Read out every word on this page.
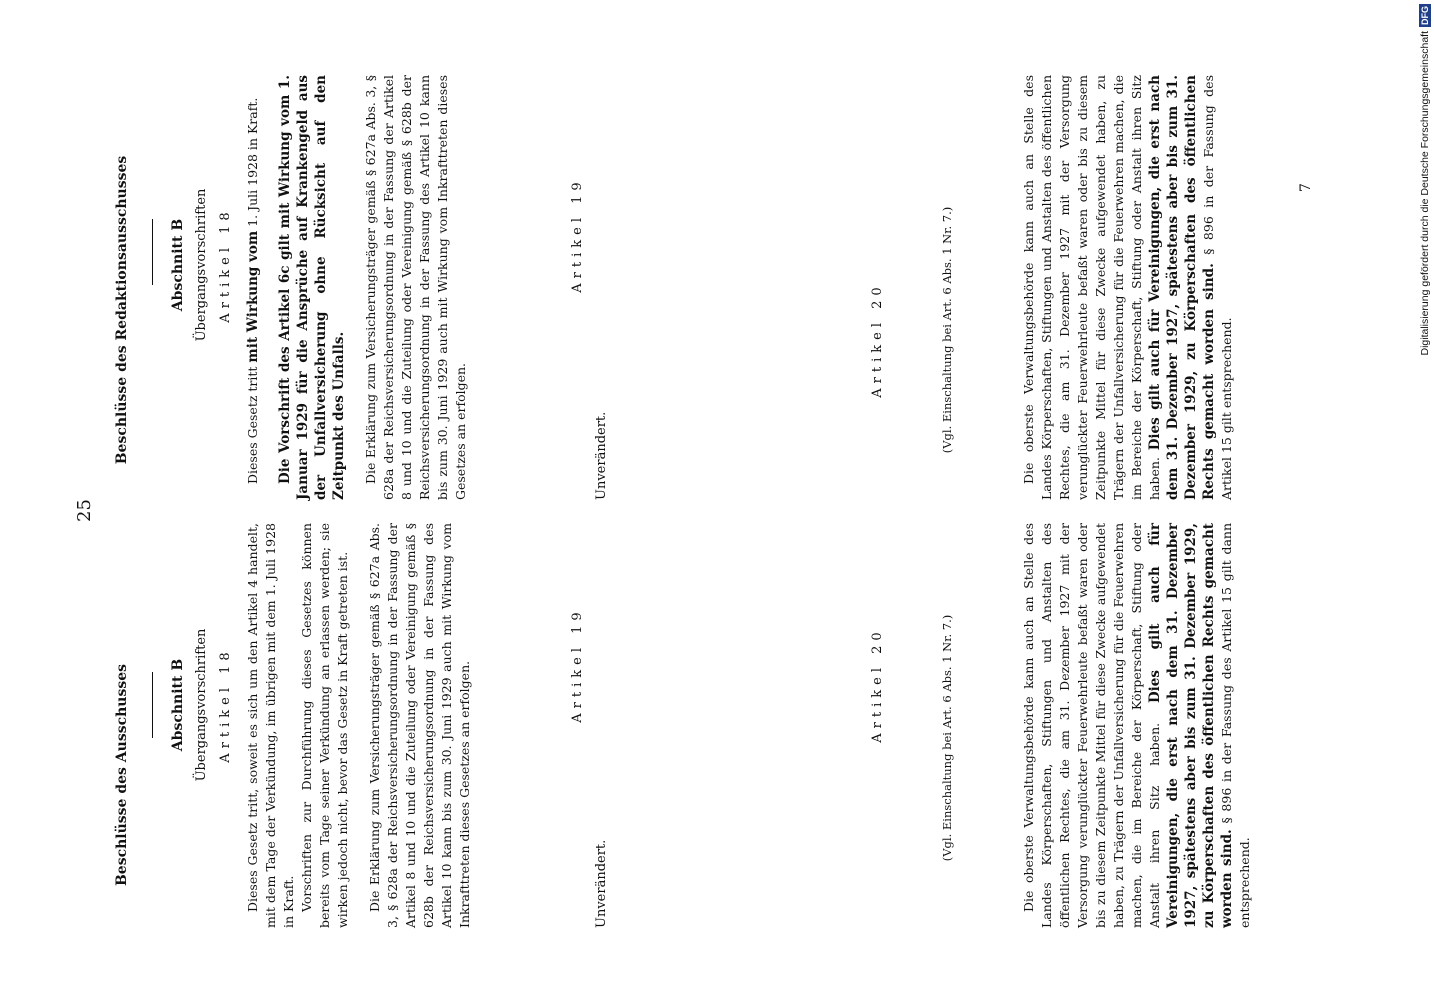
25
Beschlüsse des Ausschusses	Abschnitt B Übergangsvorschriften Artikel 18 Dieses Gesetz tritt, soweit es sich um den Artikel 4 handelt, mit dem Tage der Verkündung, im übrigen mit dem 1. Juli 1928 in Kraft. Vorschriften zur Durchführung dieses Gesetzes können bereits vom Tage seiner Verkündung an erlassen werden; sie wirken jedoch nicht, bevor das Gesetz in Kraft getreten ist. Die Erklärung zum Versicherungsträger gemäß § 627a Abs. 3, § 628a der Reichsversicherungsordnung in der Fassung der Artikel 8 und 10 und die Zuteilung oder Vereinigung gemäß § 628b der Reichsversicherungsordnung in der Fassung des Artikel 10 kann bis zum 30. Juni 1929 auch mit Wirkung vom Inkrafttreten dieses Gesetzes an erfolgen.	Artikel 19
Unverändert.
Artikel 20	(Vgl. Einschaltung bei Art. 6 Abs. 1 Nr. 7.)	Die oberste Verwaltungsbehörde kann auch an Stelle des Landes Körperschaften, Stiftungen und Anstalten des öffentlichen Rechtes, die am 31. Dezember 1927 mit der Versorgung verunglückter Feuerwehrleute befaßt waren oder bis zu diesem Zeitpunkte Mittel für diese Zwecke aufgewendet haben, zu Trägern der Unfallversicherung für die Feuerwehren machen, die im Bereiche der Körperschaft, Stiftung oder Anstalt ihren Sitz haben. Dies gilt auch für Vereinigungen, die erst nach dem 31. Dezember 1927, spätestens aber bis zum 31. Dezember 1929, zu Körperschaften des öffentlichen Rechts gemacht worden sind. § 896 in der Fassung des Artikel 15 gilt dann entsprechend.

Beschlüsse des Redaktionsausschusses	Abschnitt B Übergangsvorschriften Artikel 18

Dieses Gesetz tritt mit Wirkung vom 1. Juli 1928 in Kraft. Die Vorschrift des Artikel 6c gilt mit Wirkung vom 1. Januar 1929 für die Ansprüche auf Krankengeld aus der Unfallversicherung ohne Rücksicht auf den Zeitpunkt des Unfalls. Die Erklärung zum Versicherungsträger gemäß § 627a Abs. 3, § 628a der Reichsversicherungsordnung in der Fassung der Artikel 8 und 10 und die Zuteilung oder Vereinigung gemäß § 628b der Reichsversicherungsordnung in der Fassung des Artikel 10 kann bis zum 30. Juni 1929 auch mit Wirkung vom Inkrafttreten dieses Gesetzes an erfolgen.

Artikel 19
Unverändert.
Artikel 20	(Vgl. Einschaltung bei Art. 6 Abs. 1 Nr. 7.)	Die oberste Verwaltungsbehörde kann auch an Stelle des Landes Körperschaften, Stiftungen und Anstalten des öffentlichen Rechtes, die am 31. Dezember 1927 mit der Versorgung verunglückter Feuerwehrleute befaßt waren oder bis zu diesem Zeitpunkte Mittel für diese Zwecke aufgewendet haben, zu Trägern der Unfallversicherung für die Feuerwehren machen, die im Bereiche der Körperschaft, Stiftung oder Anstalt ihren Sitz haben. Dies gilt auch für Vereinigungen, die erst nach dem 31. Dezember 1927, spätestens aber bis zum 31. Dezember 1929, zu Körperschaften des öffentlichen Rechts gemacht worden sind. § 896 in der Fassung des Artikel 15 gilt entsprechend.

7	Digitalisierung gefördert durch die Deutsche ForschungsgemeinschaftDFG
